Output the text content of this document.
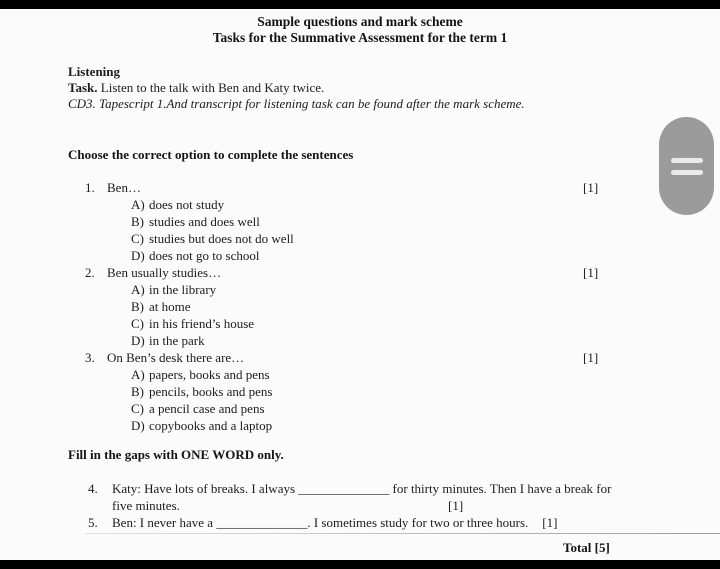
Sample questions and mark scheme
Tasks for the Summative Assessment for the term 1
Listening
Task. Listen to the talk with Ben and Katy twice.
CD3. Tapescript 1.And transcript for listening task can be found after the mark scheme.
Choose the correct option to complete the sentences
1. Ben…	[1]
A) does not study
B) studies and does well
C) studies but does not do well
D) does not go to school
2. Ben usually studies…	[1]
A) in the library
B) at home
C) in his friend’s house
D) in the park
3. On Ben’s desk there are…	[1]
A) papers, books and pens
B) pencils, books and pens
C) a pencil case and pens
D) copybooks and a laptop
Fill in the gaps with ONE WORD only.
4. Katy: Have lots of breaks. I always ______________ for thirty minutes. Then I have a break for
five minutes.	[1]
5. Ben: I never have a ______________. I sometimes study for two or three hours. [1]
Total [5]
